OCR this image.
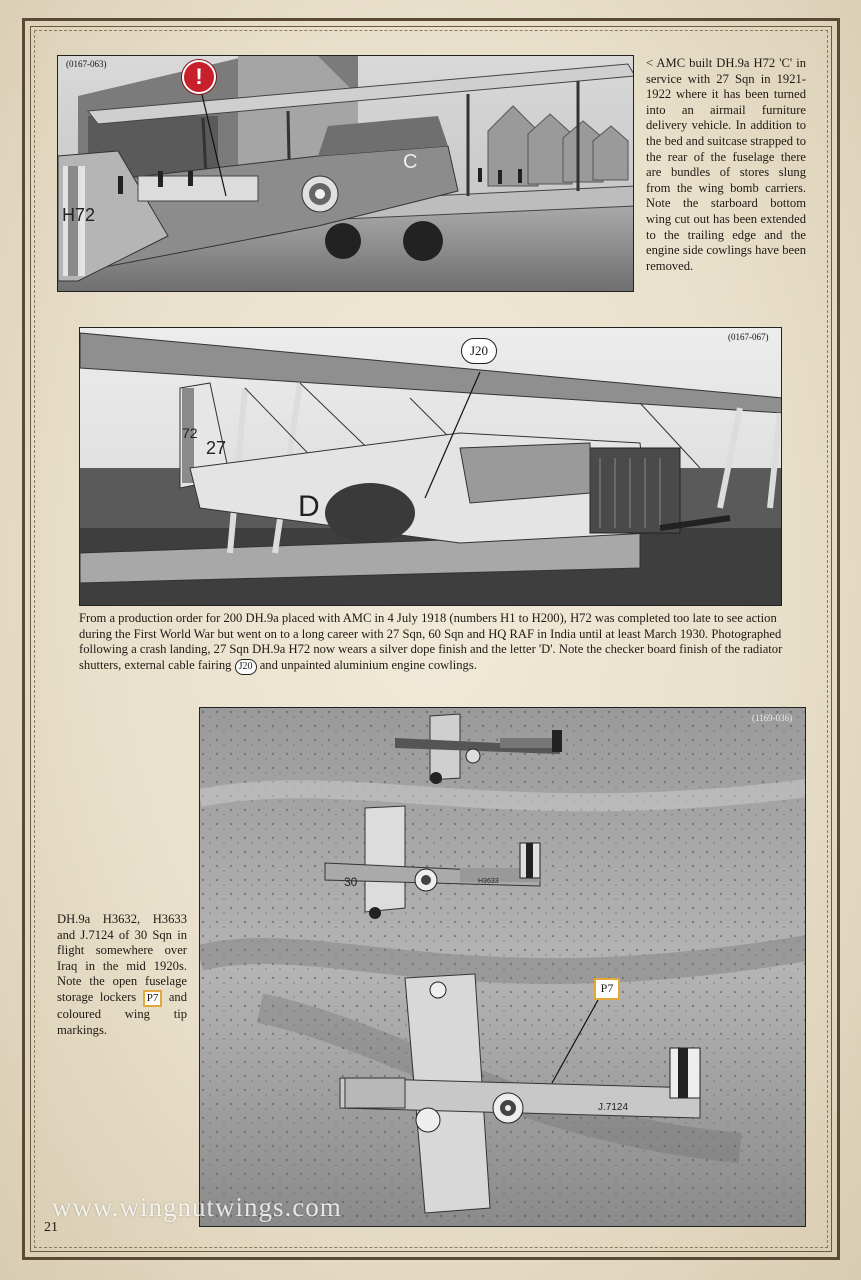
H72
C
(0167-063)	!
< AMC built DH.9a H72 'C' in service with 27 Sqn in 1921-1922 where it has been turned into an airmail furniture delivery vehicle. In addition to the bed and suitcase strapped to the rear of the fuselage there are bundles of stores slung from the wing bomb carriers. Note the starboard bottom wing cut out has been extended to the trailing edge and the engine side cowlings have been removed.
72
27
D
(0167-067)
J20
From a production order for 200 DH.9a placed with AMC in 4 July 1918 (numbers H1 to H200), H72 was completed too late to see action during the First World War but went on to a long career with 27 Sqn, 60 Sqn and HQ RAF in India until at least March 1930. Photographed following a crash landing, 27 Sqn DH.9a H72 now wears a silver dope finish and the letter 'D'. Note the checker board finish of the radiator shutters, external cable fairing J20 and unpainted aluminium engine cowlings.
30	H3633
J.7124
(1169-036)
P7
DH.9a H3632, H3633 and J.7124 of 30 Sqn in flight somewhere over Iraq in the mid 1920s. Note the open fuselage storage lockers P7 and coloured wing tip markings.
www.wingnutwings.com
21
